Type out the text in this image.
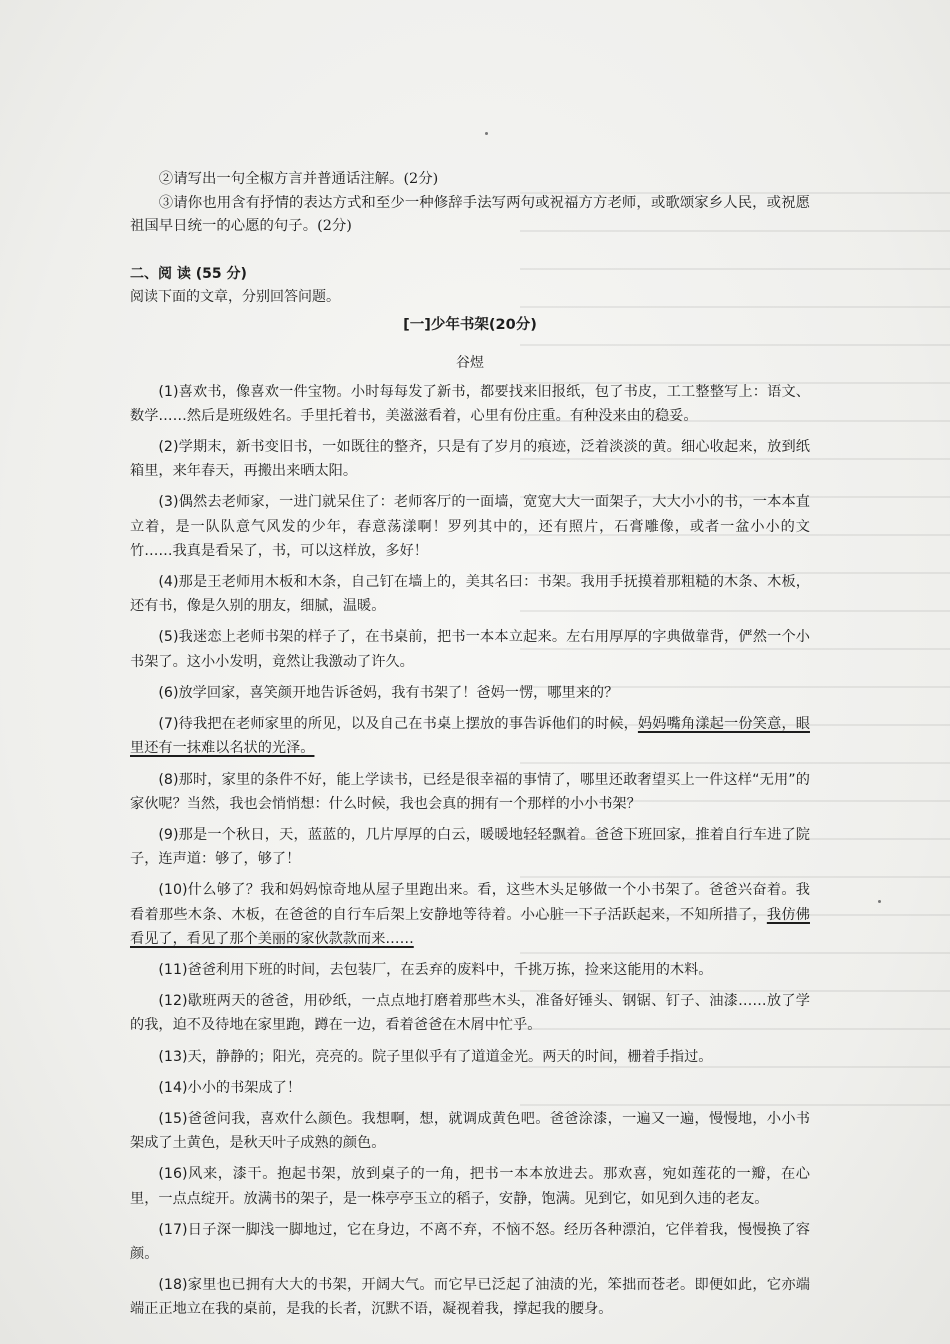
②请写出一句全椒方言并普通话注解。(2分)

③请你也用含有抒情的表达方式和至少一种修辞手法写两句或祝福方方老师，或歌颂家乡人民，或祝愿祖国早日统一的心愿的句子。(2分)

二、阅 读 (55 分)

阅读下面的文章，分别回答问题。

[一]少年书架(20分)

谷煜

(1)喜欢书，像喜欢一件宝物。小时每每发了新书，都要找来旧报纸，包了书皮，工工整整写上：语文、数学……然后是班级姓名。手里托着书，美滋滋看着，心里有份庄重。有种没来由的稳妥。

(2)学期末，新书变旧书，一如既往的整齐，只是有了岁月的痕迹，泛着淡淡的黄。细心收起来，放到纸箱里，来年春天，再搬出来晒太阳。

(3)偶然去老师家，一进门就呆住了：老师客厅的一面墙，宽宽大大一面架子，大大小小的书，一本本直立着，是一队队意气风发的少年，春意荡漾啊！罗列其中的，还有照片，石膏雕像，或者一盆小小的文竹……我真是看呆了，书，可以这样放，多好！

(4)那是王老师用木板和木条，自己钉在墙上的，美其名曰：书架。我用手抚摸着那粗糙的木条、木板，还有书，像是久别的朋友，细腻，温暖。

(5)我迷恋上老师书架的样子了，在书桌前，把书一本本立起来。左右用厚厚的字典做靠背，俨然一个小书架了。这小小发明，竟然让我激动了许久。

(6)放学回家，喜笑颜开地告诉爸妈，我有书架了！爸妈一愣，哪里来的？

(7)待我把在老师家里的所见，以及自己在书桌上摆放的事告诉他们的时候，妈妈嘴角漾起一份笑意，眼里还有一抹难以名状的光泽。

(8)那时，家里的条件不好，能上学读书，已经是很幸福的事情了，哪里还敢奢望买上一件这样“无用”的家伙呢？当然，我也会悄悄想：什么时候，我也会真的拥有一个那样的小小书架？

(9)那是一个秋日，天，蓝蓝的，几片厚厚的白云，暖暖地轻轻飘着。爸爸下班回家，推着自行车进了院子，连声道：够了，够了！

(10)什么够了？我和妈妈惊奇地从屋子里跑出来。看，这些木头足够做一个小书架了。爸爸兴奋着。我看着那些木条、木板，在爸爸的自行车后架上安静地等待着。小心脏一下子活跃起来，不知所措了，我仿佛看见了，看见了那个美丽的家伙款款而来……

(11)爸爸利用下班的时间，去包装厂，在丢弃的废料中，千挑万拣，捡来这能用的木料。

(12)歇班两天的爸爸，用砂纸，一点点地打磨着那些木头，准备好锤头、钢锯、钉子、油漆……放了学的我，迫不及待地在家里跑，蹲在一边，看着爸爸在木屑中忙乎。

(13)天，静静的；阳光，亮亮的。院子里似乎有了道道金光。两天的时间，栅着手指过。

(14)小小的书架成了！

(15)爸爸问我，喜欢什么颜色。我想啊，想，就调成黄色吧。爸爸涂漆，一遍又一遍，慢慢地，小小书架成了土黄色，是秋天叶子成熟的颜色。

(16)风来，漆干。抱起书架，放到桌子的一角，把书一本本放进去。那欢喜，宛如莲花的一瓣，在心里，一点点绽开。放满书的架子，是一株亭亭玉立的稻子，安静，饱满。见到它，如见到久违的老友。

(17)日子深一脚浅一脚地过，它在身边，不离不弃，不恼不怒。经历各种漂泊，它伴着我，慢慢换了容颜。

(18)家里也已拥有大大的书架，开阔大气。而它早已泛起了油渍的光，笨拙而苍老。即便如此，它亦端端正正地立在我的桌前，是我的长者，沉默不语，凝视着我，撑起我的腰身。
